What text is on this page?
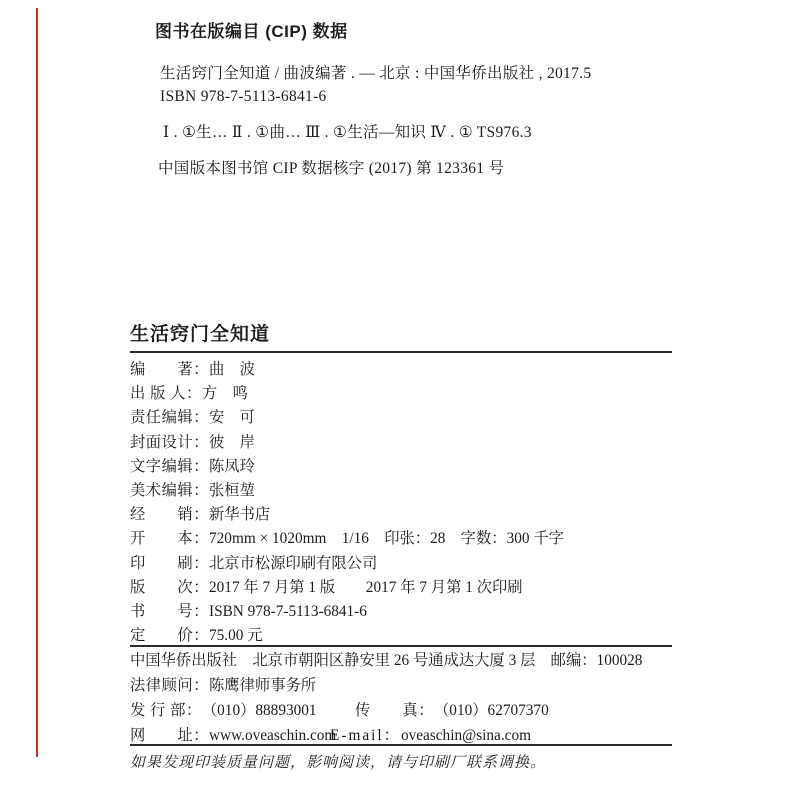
图书在版编目 (CIP) 数据
生活窍门全知道 / 曲波编著 . — 北京 : 中国华侨出版社 , 2017.5
ISBN 978-7-5113-6841-6
Ⅰ . ①生… Ⅱ . ①曲… Ⅲ . ①生活—知识 Ⅳ . ① TS976.3
中国版本图书馆 CIP 数据核字 (2017) 第 123361 号
生活窍门全知道
编　　著：曲　波
出 版 人：方　鸣
责任编辑：安　可
封面设计：彼　岸
文字编辑：陈凤玲
美术编辑：张桓堃
经　　销：新华书店
开　　本：720mm × 1020mm　1/16　印张：28　字数：300 千字
印　　刷：北京市松源印刷有限公司
版　　次：2017 年 7 月第 1 版　　2017 年 7 月第 1 次印刷
书　　号：ISBN 978-7-5113-6841-6
定　　价：75.00 元
中国华侨出版社　北京市朝阳区静安里 26 号通成达大厦 3 层　邮编：100028
法律顾问：陈鹰律师事务所
发 行 部：（010）88893001	传　　真：（010）62707370
网　　址：www.oveaschin.com
E-mail：oveaschin@sina.com
如果发现印装质量问题，影响阅读，请与印刷厂联系调换。
